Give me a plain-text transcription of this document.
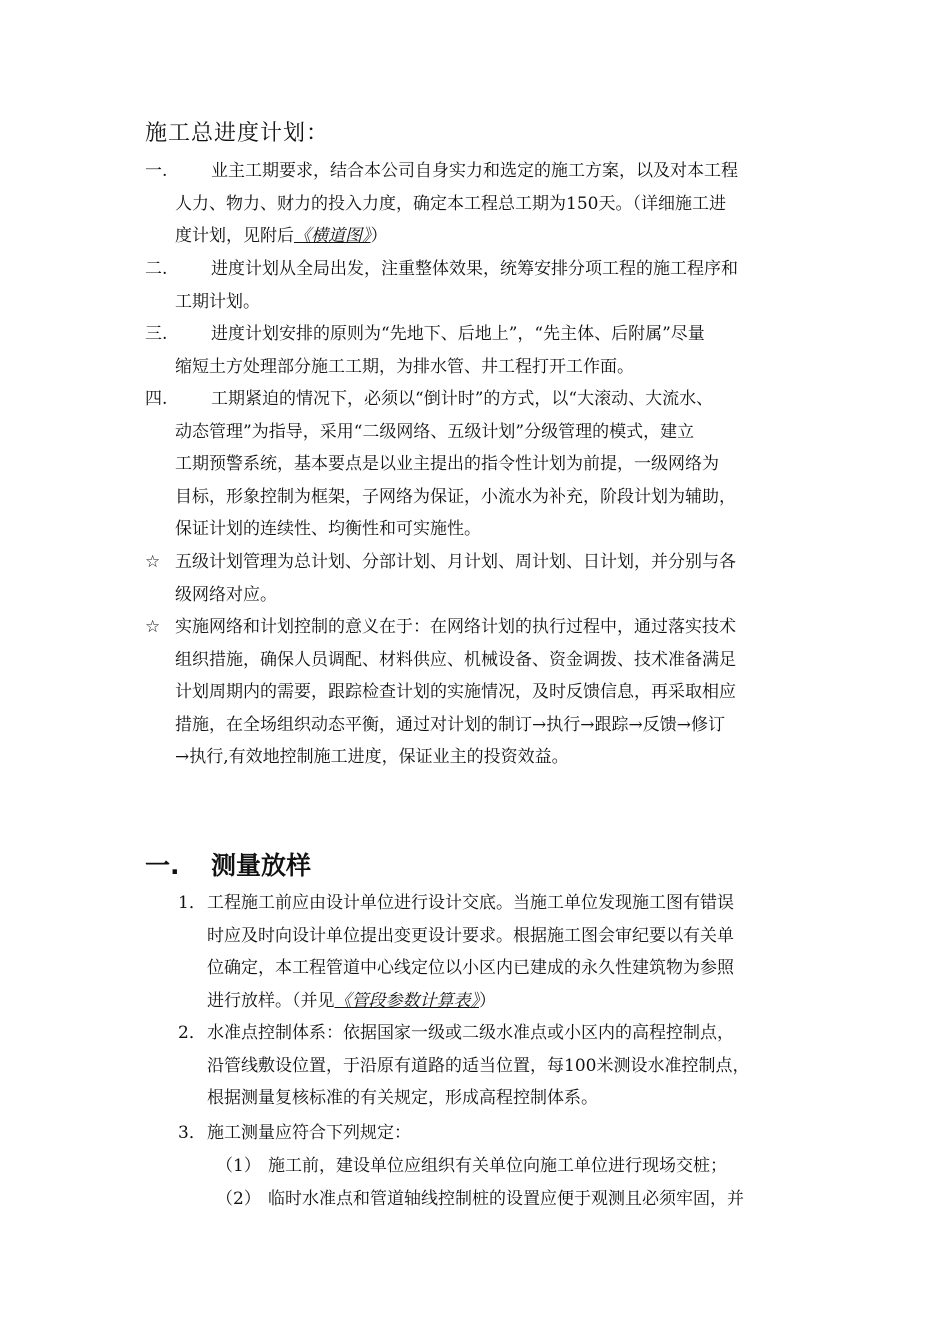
施工总进度计划：
一.	业主工期要求，结合本公司自身实力和选定的施工方案，以及对本工程
人力、物力、财力的投入力度，确定本工程总工期为150天。（详细施工进
度计划，见附后《横道图》）
二.	进度计划从全局出发，注重整体效果，统筹安排分项工程的施工程序和
工期计划。
三.	进度计划安排的原则为“先地下、后地上”，“先主体、后附属”尽量
缩短土方处理部分施工工期，为排水管、井工程打开工作面。
四.	工期紧迫的情况下，必须以“倒计时”的方式，以“大滚动、大流水、
动态管理”为指导，采用“二级网络、五级计划”分级管理的模式，建立
工期预警系统，基本要点是以业主提出的指令性计划为前提，一级网络为
目标，形象控制为框架，子网络为保证，小流水为补充，阶段计划为辅助，
保证计划的连续性、均衡性和可实施性。
☆ 五级计划管理为总计划、分部计划、月计划、周计划、日计划，并分别与各
级网络对应。
☆ 实施网络和计划控制的意义在于：在网络计划的执行过程中，通过落实技术
组织措施，确保人员调配、材料供应、机械设备、资金调拨、技术准备满足
计划周期内的需要，跟踪检查计划的实施情况，及时反馈信息，再采取相应
措施，在全场组织动态平衡，通过对计划的制订→执行→跟踪→反馈→修订
→执行,有效地控制施工进度，保证业主的投资效益。
一. 测量放样
1． 工程施工前应由设计单位进行设计交底。当施工单位发现施工图有错误
时应及时向设计单位提出变更设计要求。根据施工图会审纪要以有关单
位确定，本工程管道中心线定位以小区内已建成的永久性建筑物为参照
进行放样。（并见《管段参数计算表》）
2． 水准点控制体系：依据国家一级或二级水准点或小区内的高程控制点，
沿管线敷设位置，于沿原有道路的适当位置，每100米测设水准控制点，
根据测量复核标准的有关规定，形成高程控制体系。
3． 施工测量应符合下列规定：
（1） 施工前，建设单位应组织有关单位向施工单位进行现场交桩；
（2） 临时水准点和管道轴线控制桩的设置应便于观测且必须牢固，并
